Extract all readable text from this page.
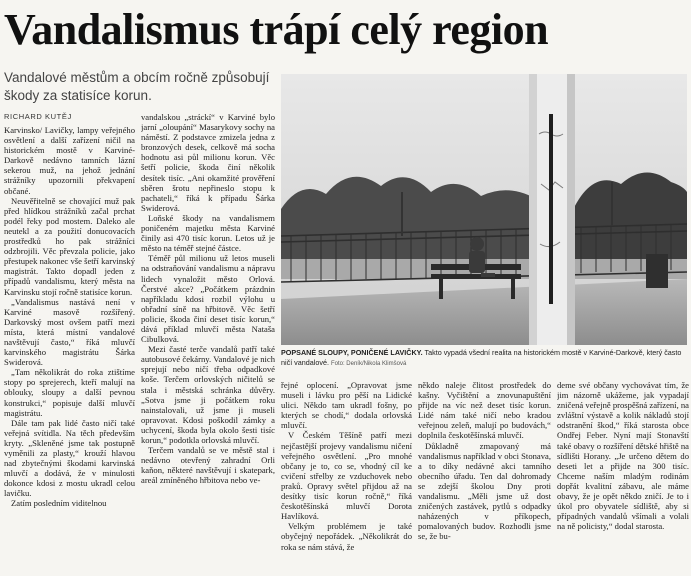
Vandalismus trápí celý region
Vandalové městům a obcím ročně způsobují škody za statisíce korun.
RICHARD KUTĚJ

Karvinsko/ Lavičky, lampy veřejného osvětlení a další zařízení ničil na historickém mostě v Karviné-Darkově nedávno tamních lázní sekerou muž, na jehož jednání strážníky upozornili překvapení občané.

Neuvěřitelně se chovající muž pak před hlídkou strážníků začal prchat podél řeky pod mostem. Daleko ale neutekl a za použití donucovacích prostředků ho pak strážníci odzbrojili. Věc převzala policie, jako přestupek nakonec vše šetří karvinský magistrát. Takto dopadl jeden z případů vandalismu, který města na Karvinsku stojí ročně statisíce korun.

„Vandalismus nastává není v Karviné masově rozšířený. Darkovský most ovšem patří mezi místa, která místní vandalové navštěvují často,“ říká mluvčí karvinského magistrátu Šárka Swiderová.

„Tam několikrát do roka ztištíme stopy po sprejerech, kteří malují na obloukу, sloupy a další pevnou konstrukci,“ popisuje další mluvčí magistrátu.

Dále tam pak lidé často ničí také veřejná svítidla. Na těch především kryty. „Skleněné jsme tak postupně vyměnili za plasty,“ krouží hlavou nad zbytečnými škodami karvinská mluvčí a dodává, že v minulosti dokonce kdosi z mostu ukradl celou lavičku.

Zatím posledním viditelnou

vandalskou „stráckí“ v Karviné bylo jarní „oloupání“ Masarykovy sochy na náměstí. Z podstavce zmizela jedna z bronzových desek, celkově má socha hodnotu asi půl milionu korun. Věc šetří policie, škoda činí několik desítek tisíc. „Ani okamžité prověření sběren šrotu nepřineslo stopu k pachateli,“ říká k případu Šárka Swiderová.

Loňské škody na vandalismem poničeném majetku města Karviné činily asi 470 tisíc korun. Letos už je město na téměř stejné částce.

Téměř půl milionu už letos museli na odstraňování vandalismu a nápravu lidech vynaložit město Orlová. Čerstvé akce? „Počátkem prázdnin napříkladu kdosi rozbil výlohu u obřadní síně na hřbitově. Věc šetří policie, škoda činí deset tisíc korun,“ dává příklad mluvčí města Nataša Cibulková.

Mezi časté terče vandalů patří také autobusové čekárny. Vandalové je nich sprejují nebo ničí třeba odpadkové koše. Terčem orlovských ničitelů se stala i městská schránka důvěry. „Sotva jsme ji počátkem roku nainstalovali, už jsme ji museli opravovat. Kdosi poškodil zámky a uchycení, škoda byla okolo šesti tisíc korun,“ podotkla orlovská mluvčí.

Terčem vandalů se ve městě stal i nedávno otevřený zahradní Orli kaňon, některé navštěvují i skatepark, areál zmíněného hřbitova nebo ve-

POPSANÉ SLOUPY, PONIČENÉ LAVIČKY. Takto vypadá všední realita na historickém mostě v Karviné-Darkově, který často ničí vandalové. Foto: Deník/Nikola Klimšová

řejné oplocení. „Opravovat jsme museli i lávku pro pěší na Lidické ulici. Někdo tam ukradl fošny, po kterých se chodí,“ dodala orlovská mluvčí.

V Českém Těšíně patří mezi nejčastější projevy vandalismu ničení veřejného osvětlení. „Pro mnohé občany je to, co se, vhodný cíl ke cvičení střelby ze vzduchovek nebo praků. Opravy světel přijdou až na desítky tisíc korun ročně,“ říká českotěšínská mluvčí Dorota Havlíková.

Velkým problémem je také obyčejný nepořádek. „Několikrát do roka se nám stává, že

někdo naleje člitost prostředek do kašny. Vyčištění a znovunapuštění přijde na víc než deset tisíc korun. Lidé nám také ničí nebo kradou veřejnou zeleň, malují po budovách,“ doplnila českotěšínská mluvčí.

Důkladně zmapovaný má vandalismus například v obci Stonava, a to díky nedávné akci tamního obecního úřadu. Ten dal dohromady se zdejší školou Dny proti vandalismu. „Měli jsme už dost zničených zastávek, pytlů s odpadky naházených v příkopech, pomalovaných budov. Rozhodli jsme se, že bu-

deme své občany vychovávat tím, že jim názorně ukážeme, jak vypadají zničená veřejně prospěšná zařízení, na zvláštní výstavě a kolik nákladů stojí odstranění škod,“ říká starosta obce Ondřej Feber. Nyní mají Stonavští také obavy o rozšíření dětské hřiště na sídlišti Horany. „Je určeno dětem do deseti let a přijde na 300 tisíc. Chceme naším mladým rodinám dopřát kvalitní zábavu, ale máme obavy, že je opět někdo zničí. Je to i úkol pro obyvatele sídliště, aby si případných vandalů všímali a volali na ně policisty,“ dodal starosta.
